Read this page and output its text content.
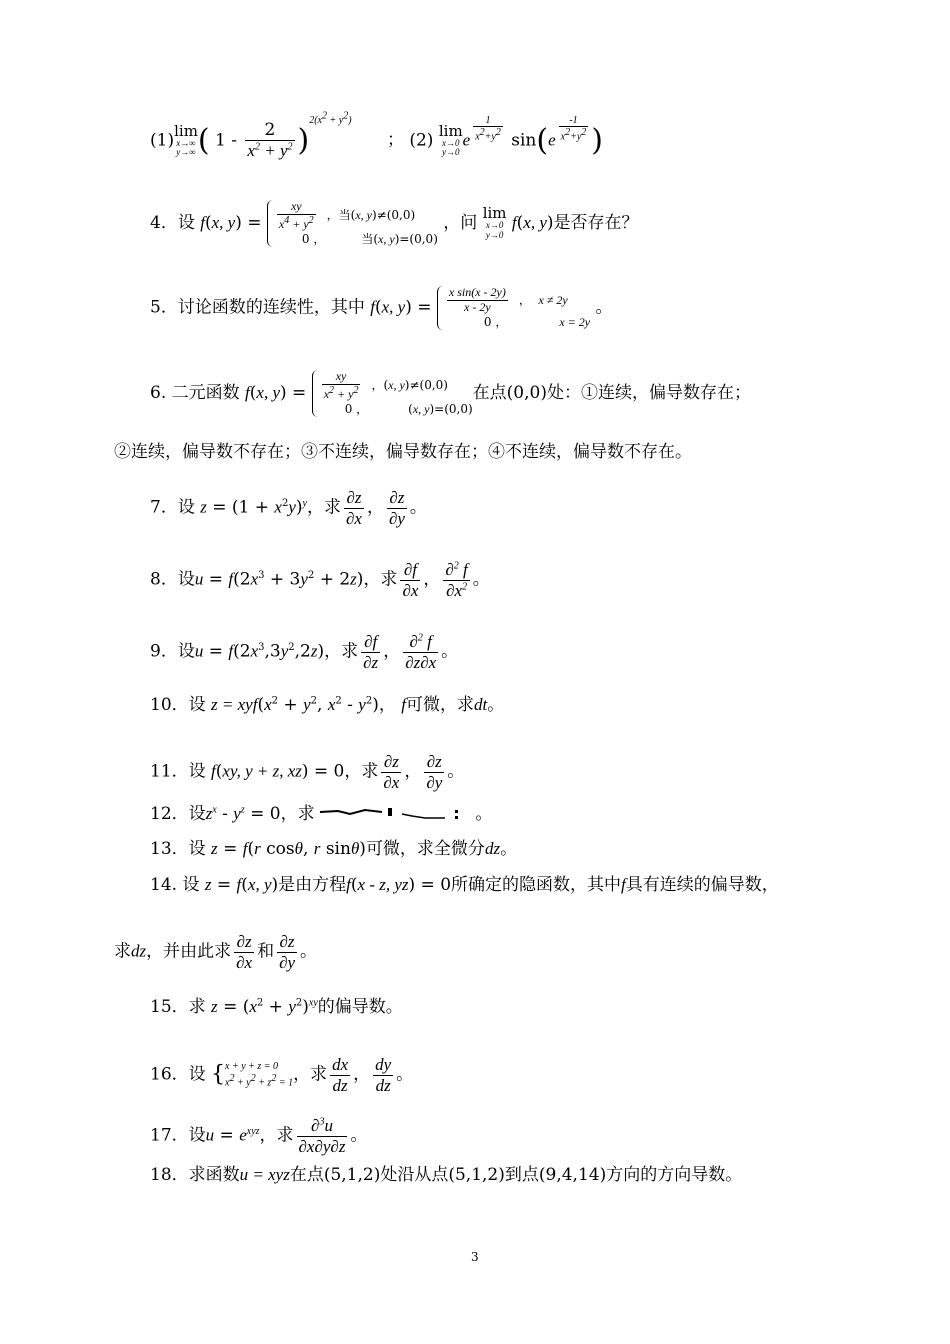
(1) lim
x→∞
y→∞ ( $1 - \frac{2}{x^2 + y^2} )^{2(x^2 + y^2)}$ ； (2) lim
x→0
y→0
e $^{\frac{1}{x^2+y^2}}$ sin(e $^{\frac{-1}{x^2+y^2}}$ )
4．设 f(x, $y) = \frac{xy}{x^4 + y^2}$ ，当(x, y)≠(0,0)
0 ，	当(x, y)=(0,0)
，问 lim
x→0
y→0
f(x, y)是否存在？
5．讨论函数的连续性，其中 f(x, $y) = \frac{\text{x sin(x - 2y)}}{x - 2y}$ ，  x ≠ 2y
0 ，	x = 2y
。
6. 二元函数 f(x, $y) = \frac{xy}{x^2 + y^2}$ ，(x, y)≠(0,0)
0 ，	(x, y)=(0,0)
在点(0,0)处：①连续，偏导数存在；
②连续，偏导数不存在；③不连续，偏导数存在；④不连续，偏导数不存在。
7．设 $z = (1 + x^2y)^y$，求 $\frac{\partial z}{\partial x}$ ， $\frac{\partial z}{\partial y}$ 。
8．设$u = f(2x^3 + 3y^2 + 2z)$，求 $\frac{\partial f}{\partial x}$ ， $\frac{\partial^2 f}{\partial x^2}$ 。
9．设$u = f(2x^3,3y^2,2z)$，求 $\frac{\partial f}{\partial z}$ ， $\frac{\partial^2 f}{\partial z\partial x}$ 。
10．设 $z = xyf(x^2 + y^2$, $x^2 - y^2$)， f可微，求dt。
11．设 f(xy, y + z, xz) = 0，求 $\frac{\partial z}{\partial x}$ ， $\frac{\partial z}{\partial y}$ 。
12．设$z^x - y^z = 0$，求	。
13．设 z = f(r cosθ, r sinθ)可微，求全微分dz。
14. 设 z = f(x, y)是由方程f(x - z, yz) = 0所确定的隐函数，其中f具有连续的偏导数，
求dz，并由此求 $\frac{\partial z}{\partial x}$ 和 $\frac{\partial z}{\partial y}$ 。
15．求 $z = (x^2 + y^2)^{xy}$的偏导数。
16．设 { x + y + z = 0
$x^2 + y^2 + z^2 = 1$ ，求 $\frac{dx}{dz}$ ， $\frac{dy}{dz}$ 。
17．设$u = e^{xyz}$，求 $\frac{\partial^3u}{\partial x\partial y\partial z}$ 。
18．求函数u = xyz在点(5,1,2)处沿从点(5,1,2)到点(9,4,14)方向的方向导数。
3
